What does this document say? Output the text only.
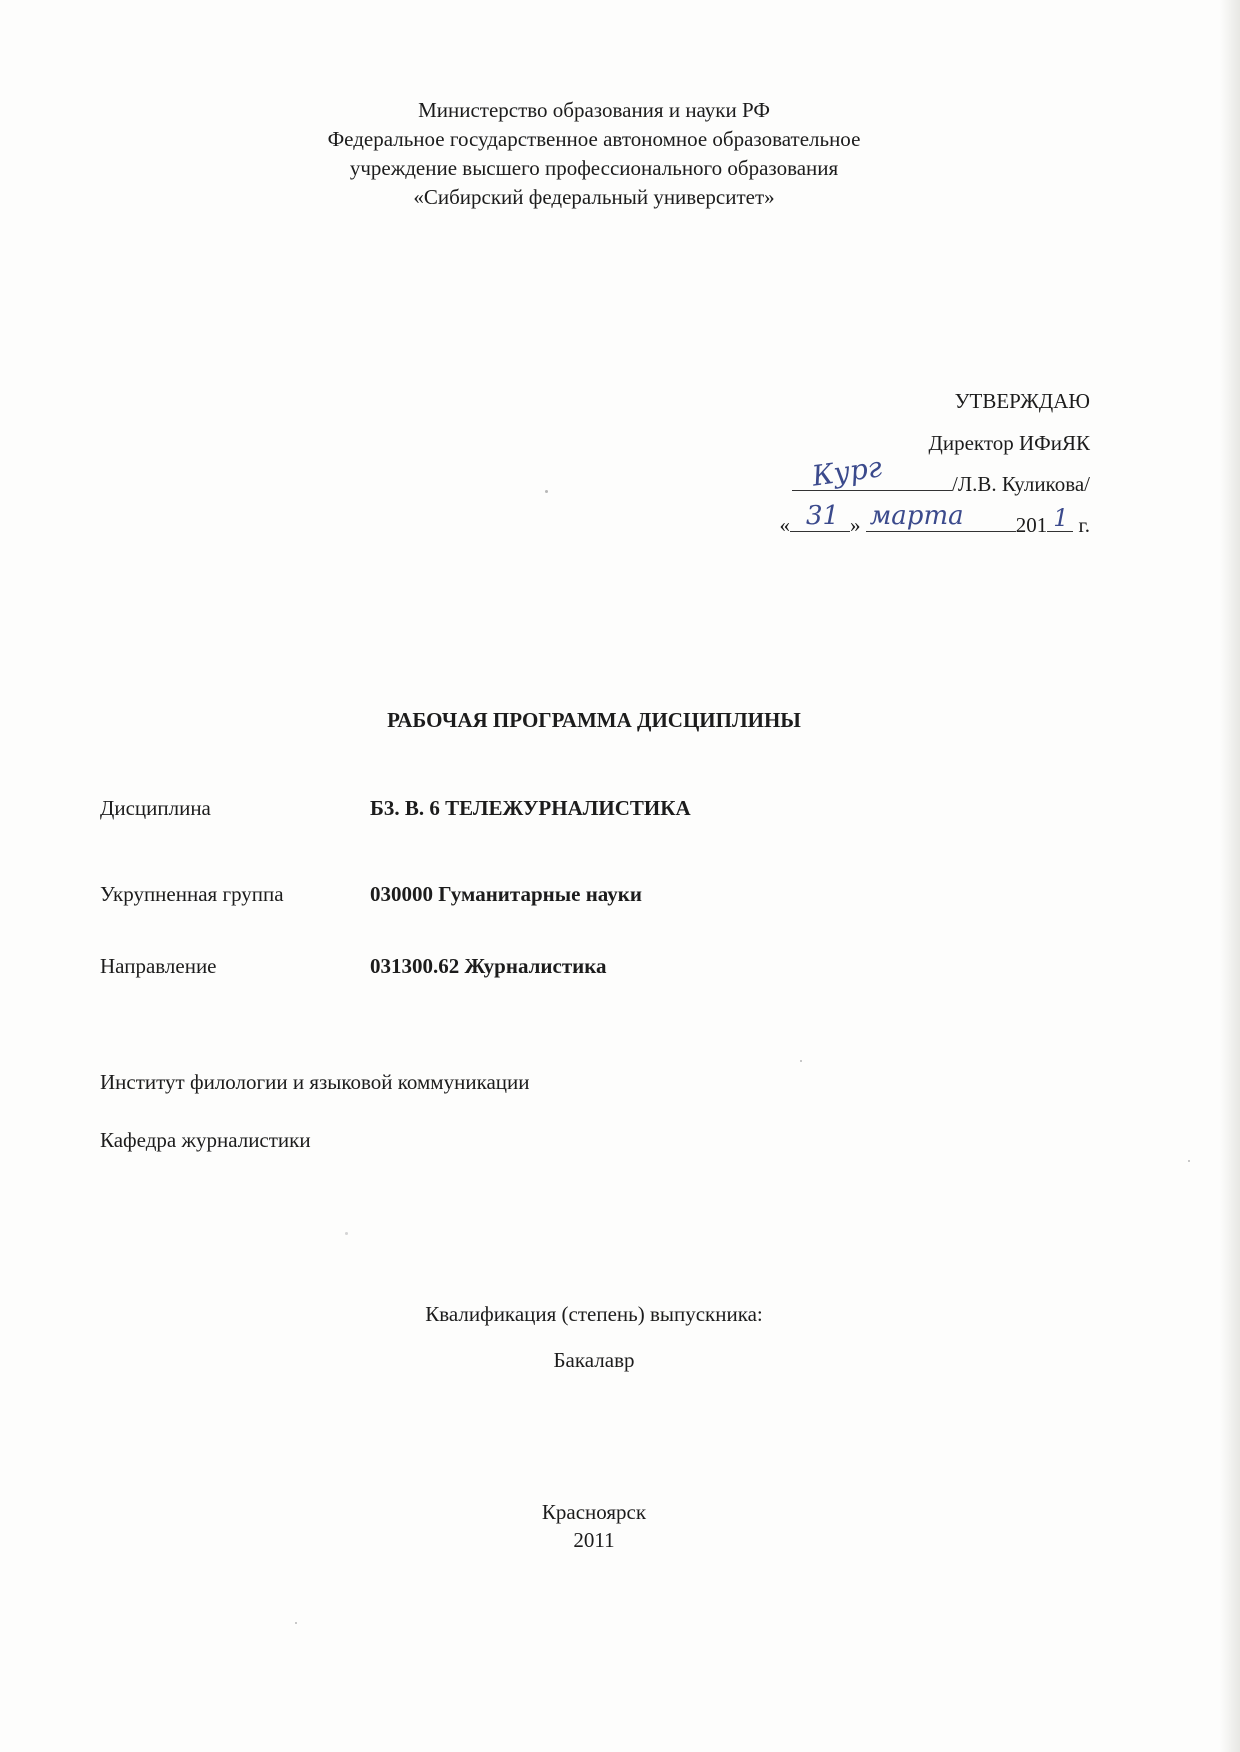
Министерство образования и науки РФ
Федеральное государственное автономное образовательное
учреждение высшего профессионального образования
«Сибирский федеральный университет»
УТВЕРЖДАЮ
Директор ИФиЯК
Кург	/Л.В. Куликова/
« 31 » марта 201 1 г.
РАБОЧАЯ ПРОГРАММА ДИСЦИПЛИНЫ
Дисциплина	Б3. В. 6 ТЕЛЕЖУРНАЛИСТИКА
Укрупненная группа	030000 Гуманитарные науки
Направление	031300.62 Журналистика
Институт филологии и языковой коммуникации
Кафедра журналистики
Квалификация (степень) выпускника:
Бакалавр
Красноярск
2011
